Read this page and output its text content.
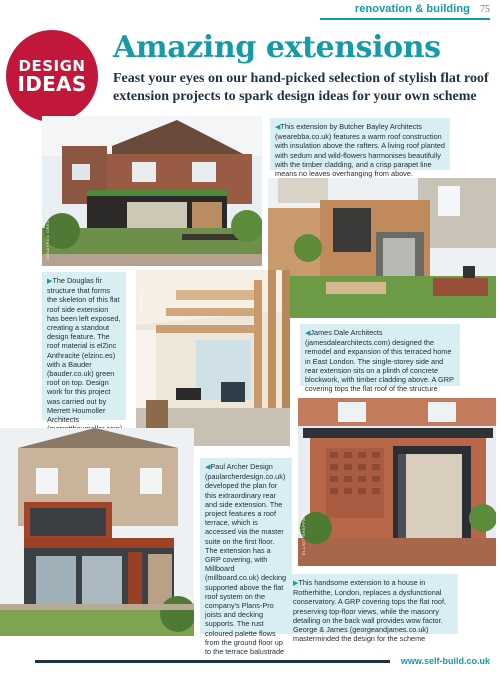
renovation & building 75
DESIGN
IDEAS
Amazing extensions
Feast your eyes on our hand-picked selection of stylish flat roof extension projects to spark design ideas for your own scheme
JONATHAN GREGORY
◀This extension by Butcher Bayley Architects (wearebba.co.uk) features a warm roof construction with insulation above the rafters. A living roof planted with sedum and wild-flowers harmonises beautifully with the timber cladding, and a crisp parapet line means no leaves overhanging from above.
▶The Douglas fir structure that forms the skeleton of this flat roof side extension has been left exposed, creating a standout design feature. The roof material is elZinc Anthracite (elzinc.es) with a Bauder (bauder.co.uk) green roof on top. Design work for this project was carried out by Merrett Houmoller Architects
JIM STEPHENSON
◀James Dale Architects (jamesdalearchitects.com) designed the remodel and expansion of this terraced home in East London. The single-storey side and rear extension sits on a plinth of concrete blockwork, with timber cladding above. A GRP covering tops the flat roof of the structure
ELLIOT SHEPPARD
◀Paul Archer Design (paularcherdesign.co.uk) developed the plan for this extraordinary rear and side extension. The project features a roof terrace, which is accessed via the master suite on the first floor. The extension has a GRP covering, with Millboard (millboard.co.uk) decking supported above the flat roof system on the company's Plans-Pro joists and decking supports. The rust coloured palette flows from the ground floor up to the terrace balustrade
▶This handsome extension to a house in Rotherhithe, London, replaces a dysfunctional conservatory. A GRP covering tops the flat roof, preserving top-floor views, while the masonry detailing on the back wall provides wow factor. George & James (georgeandjames.co.uk) masterminded the design for the scheme
www.self-build.co.uk
